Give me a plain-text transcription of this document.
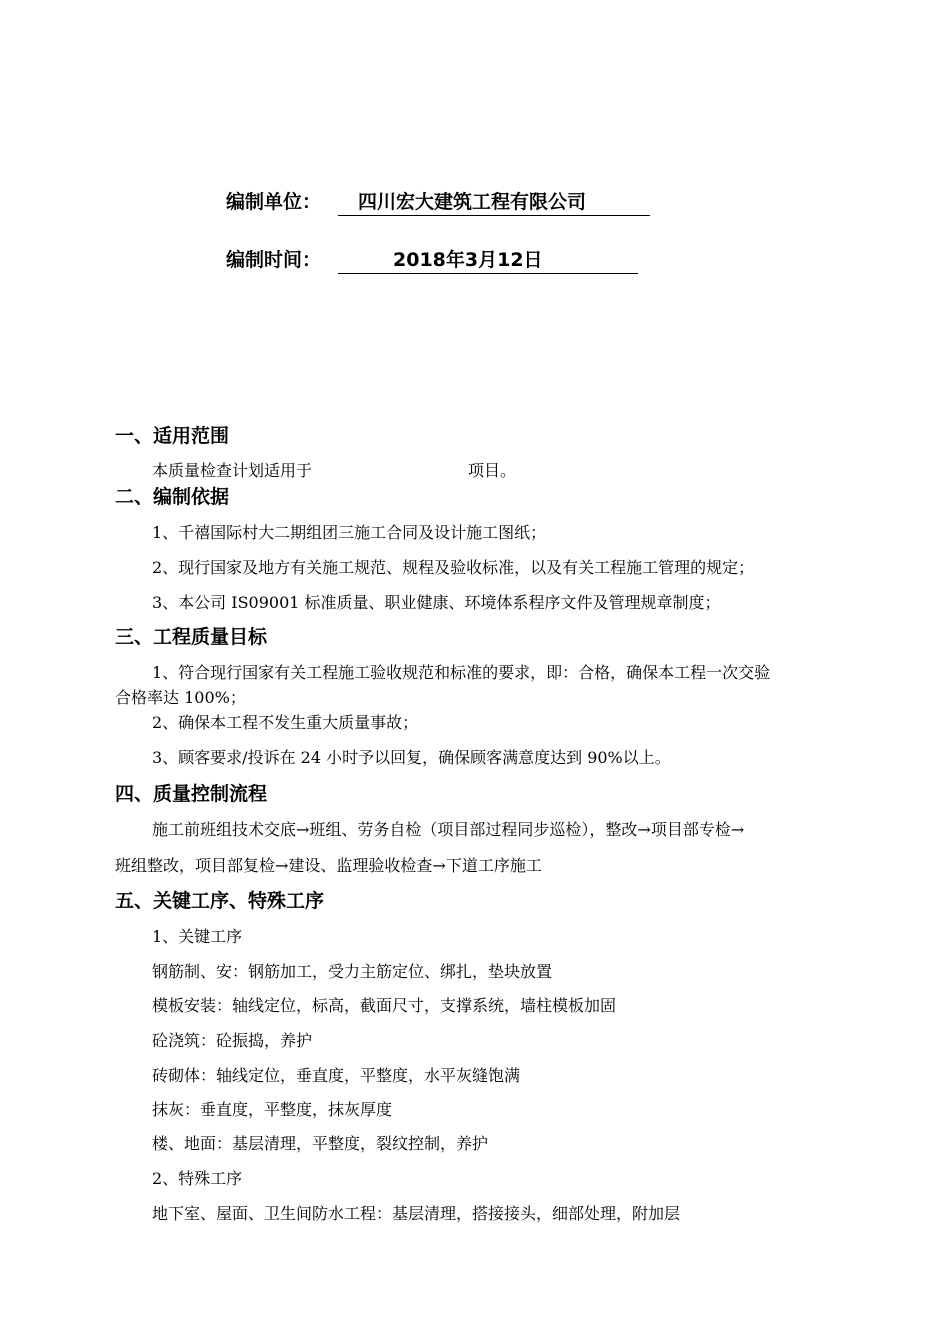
编制单位：	四川宏大建筑工程有限公司
编制时间：	2018年3月12日
一、适用范围
本质量检查计划适用于	项目。
二、编制依据
1、千禧国际村大二期组团三施工合同及设计施工图纸；
2、现行国家及地方有关施工规范、规程及验收标准，以及有关工程施工管理的规定；
3、本公司 IS09001 标准质量、职业健康、环境体系程序文件及管理规章制度；
三、工程质量目标
1、符合现行国家有关工程施工验收规范和标准的要求，即：合格，确保本工程一次交验
合格率达 100%；
2、确保本工程不发生重大质量事故；
3、顾客要求/投诉在 24 小时予以回复，确保顾客满意度达到 90%以上。
四、质量控制流程
施工前班组技术交底→班组、劳务自检（项目部过程同步巡检），整改→项目部专检→
班组整改，项目部复检→建设、监理验收检查→下道工序施工
五、关键工序、特殊工序
1、关键工序
钢筋制、安：钢筋加工，受力主筋定位、绑扎，垫块放置
模板安装：轴线定位，标高，截面尺寸，支撑系统，墙柱模板加固
砼浇筑：砼振捣，养护
砖砌体：轴线定位，垂直度，平整度，水平灰缝饱满
抹灰：垂直度，平整度，抹灰厚度
楼、地面：基层清理，平整度，裂纹控制，养护
2、特殊工序
地下室、屋面、卫生间防水工程：基层清理，搭接接头，细部处理，附加层
